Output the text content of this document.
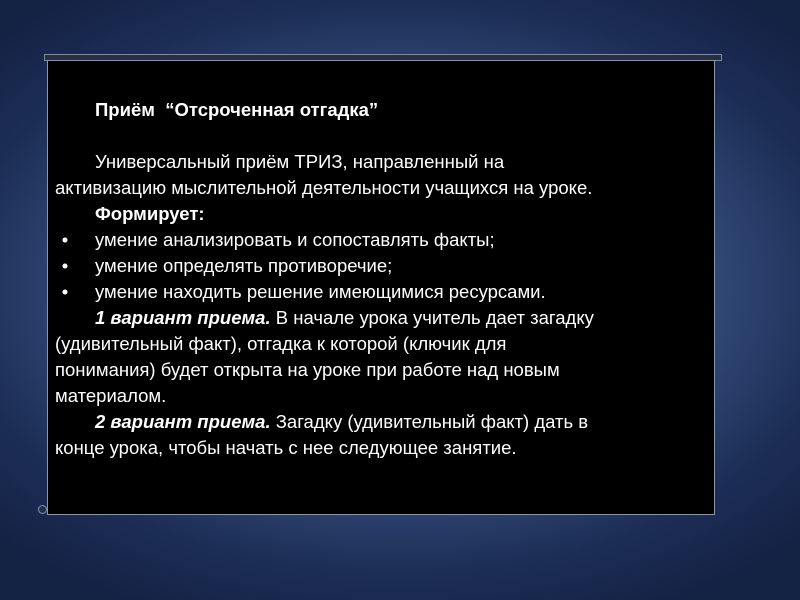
Приём “Отсроченная отгадка”
Универсальный приём ТРИЗ, направленный на
активизацию мыслительной деятельности учащихся на уроке.
Формирует:
•	умение анализировать и сопоставлять факты;
•	умение определять противоречие;
•	умение находить решение имеющимися ресурсами.
1 вариант приема. В начале урока учитель дает загадку
(удивительный факт), отгадка к которой (ключик для
понимания) будет открыта на уроке при работе над новым
материалом.
2 вариант приема. Загадку (удивительный факт) дать в
конце урока, чтобы начать с нее следующее занятие.
